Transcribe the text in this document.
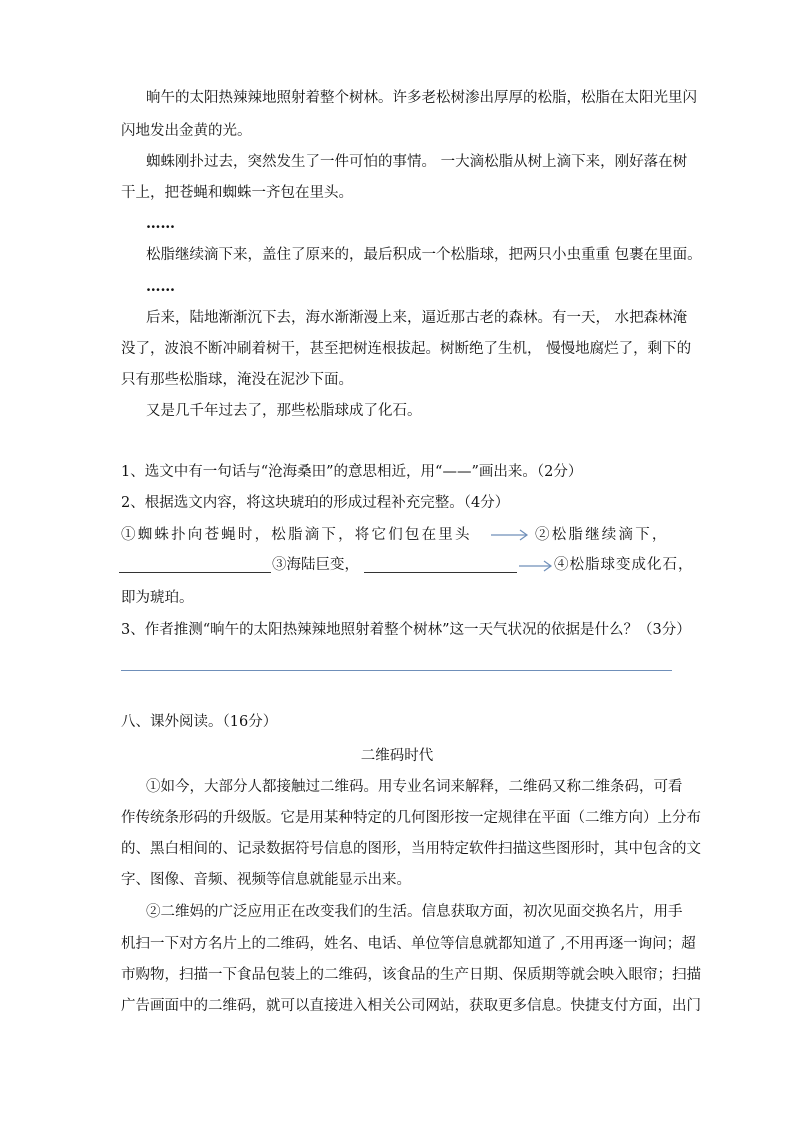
晌午的太阳热辣辣地照射着整个树林。许多老松树渗出厚厚的松脂，松脂在太阳光里闪
闪地发出金黄的光。
蜘蛛刚扑过去，突然发生了一件可怕的事情。 一大滴松脂从树上滴下来，刚好落在树
干上，把苍蝇和蜘蛛一齐包在里头。
……
松脂继续滴下来，盖住了原来的，最后积成一个松脂球，把两只小虫重重 包裹在里面。
……
后来，陆地渐渐沉下去，海水渐渐漫上来，逼近那古老的森林。有一天， 水把森林淹
没了，波浪不断冲刷着树干，甚至把树连根拔起。树断绝了生机， 慢慢地腐烂了，剩下的
只有那些松脂球，淹没在泥沙下面。
又是几千年过去了，那些松脂球成了化石。
1、选文中有一句话与“沧海桑田”的意思相近，用“——”画出来。（2分）
2、根据选文内容，将这块琥珀的形成过程补充完整。（4分）
①蜘蛛扑向苍蝇时，松脂滴下，将它们包在里头	②松脂继续滴下，
③海陆巨变，	④松脂球变成化石，
即为琥珀。
3、作者推测“晌午的太阳热辣辣地照射着整个树林”这一天气状况的依据是什么？（3分）
八、课外阅读。（16分）
二维码时代
①如今，大部分人都接触过二维码。用专业名词来解释，二维码又称二维条码，可看
作传统条形码的升级版。它是用某种特定的几何图形按一定规律在平面（二维方向）上分布
的、黑白相间的、记录数据符号信息的图形，当用特定软件扫描这些图形时，其中包含的文
字、图像、音频、视频等信息就能显示出来。
②二维妈的广泛应用正在改变我们的生活。信息获取方面，初次见面交换名片，用手
机扫一下对方名片上的二维码，姓名、电话、单位等信息就都知道了 ,不用再逐一询问；超
市购物，扫描一下食品包装上的二维码，该食品的生产日期、保质期等就会映入眼帘；扫描
广告画面中的二维码，就可以直接进入相关公司网站，获取更多信息。快捷支付方面，出门
